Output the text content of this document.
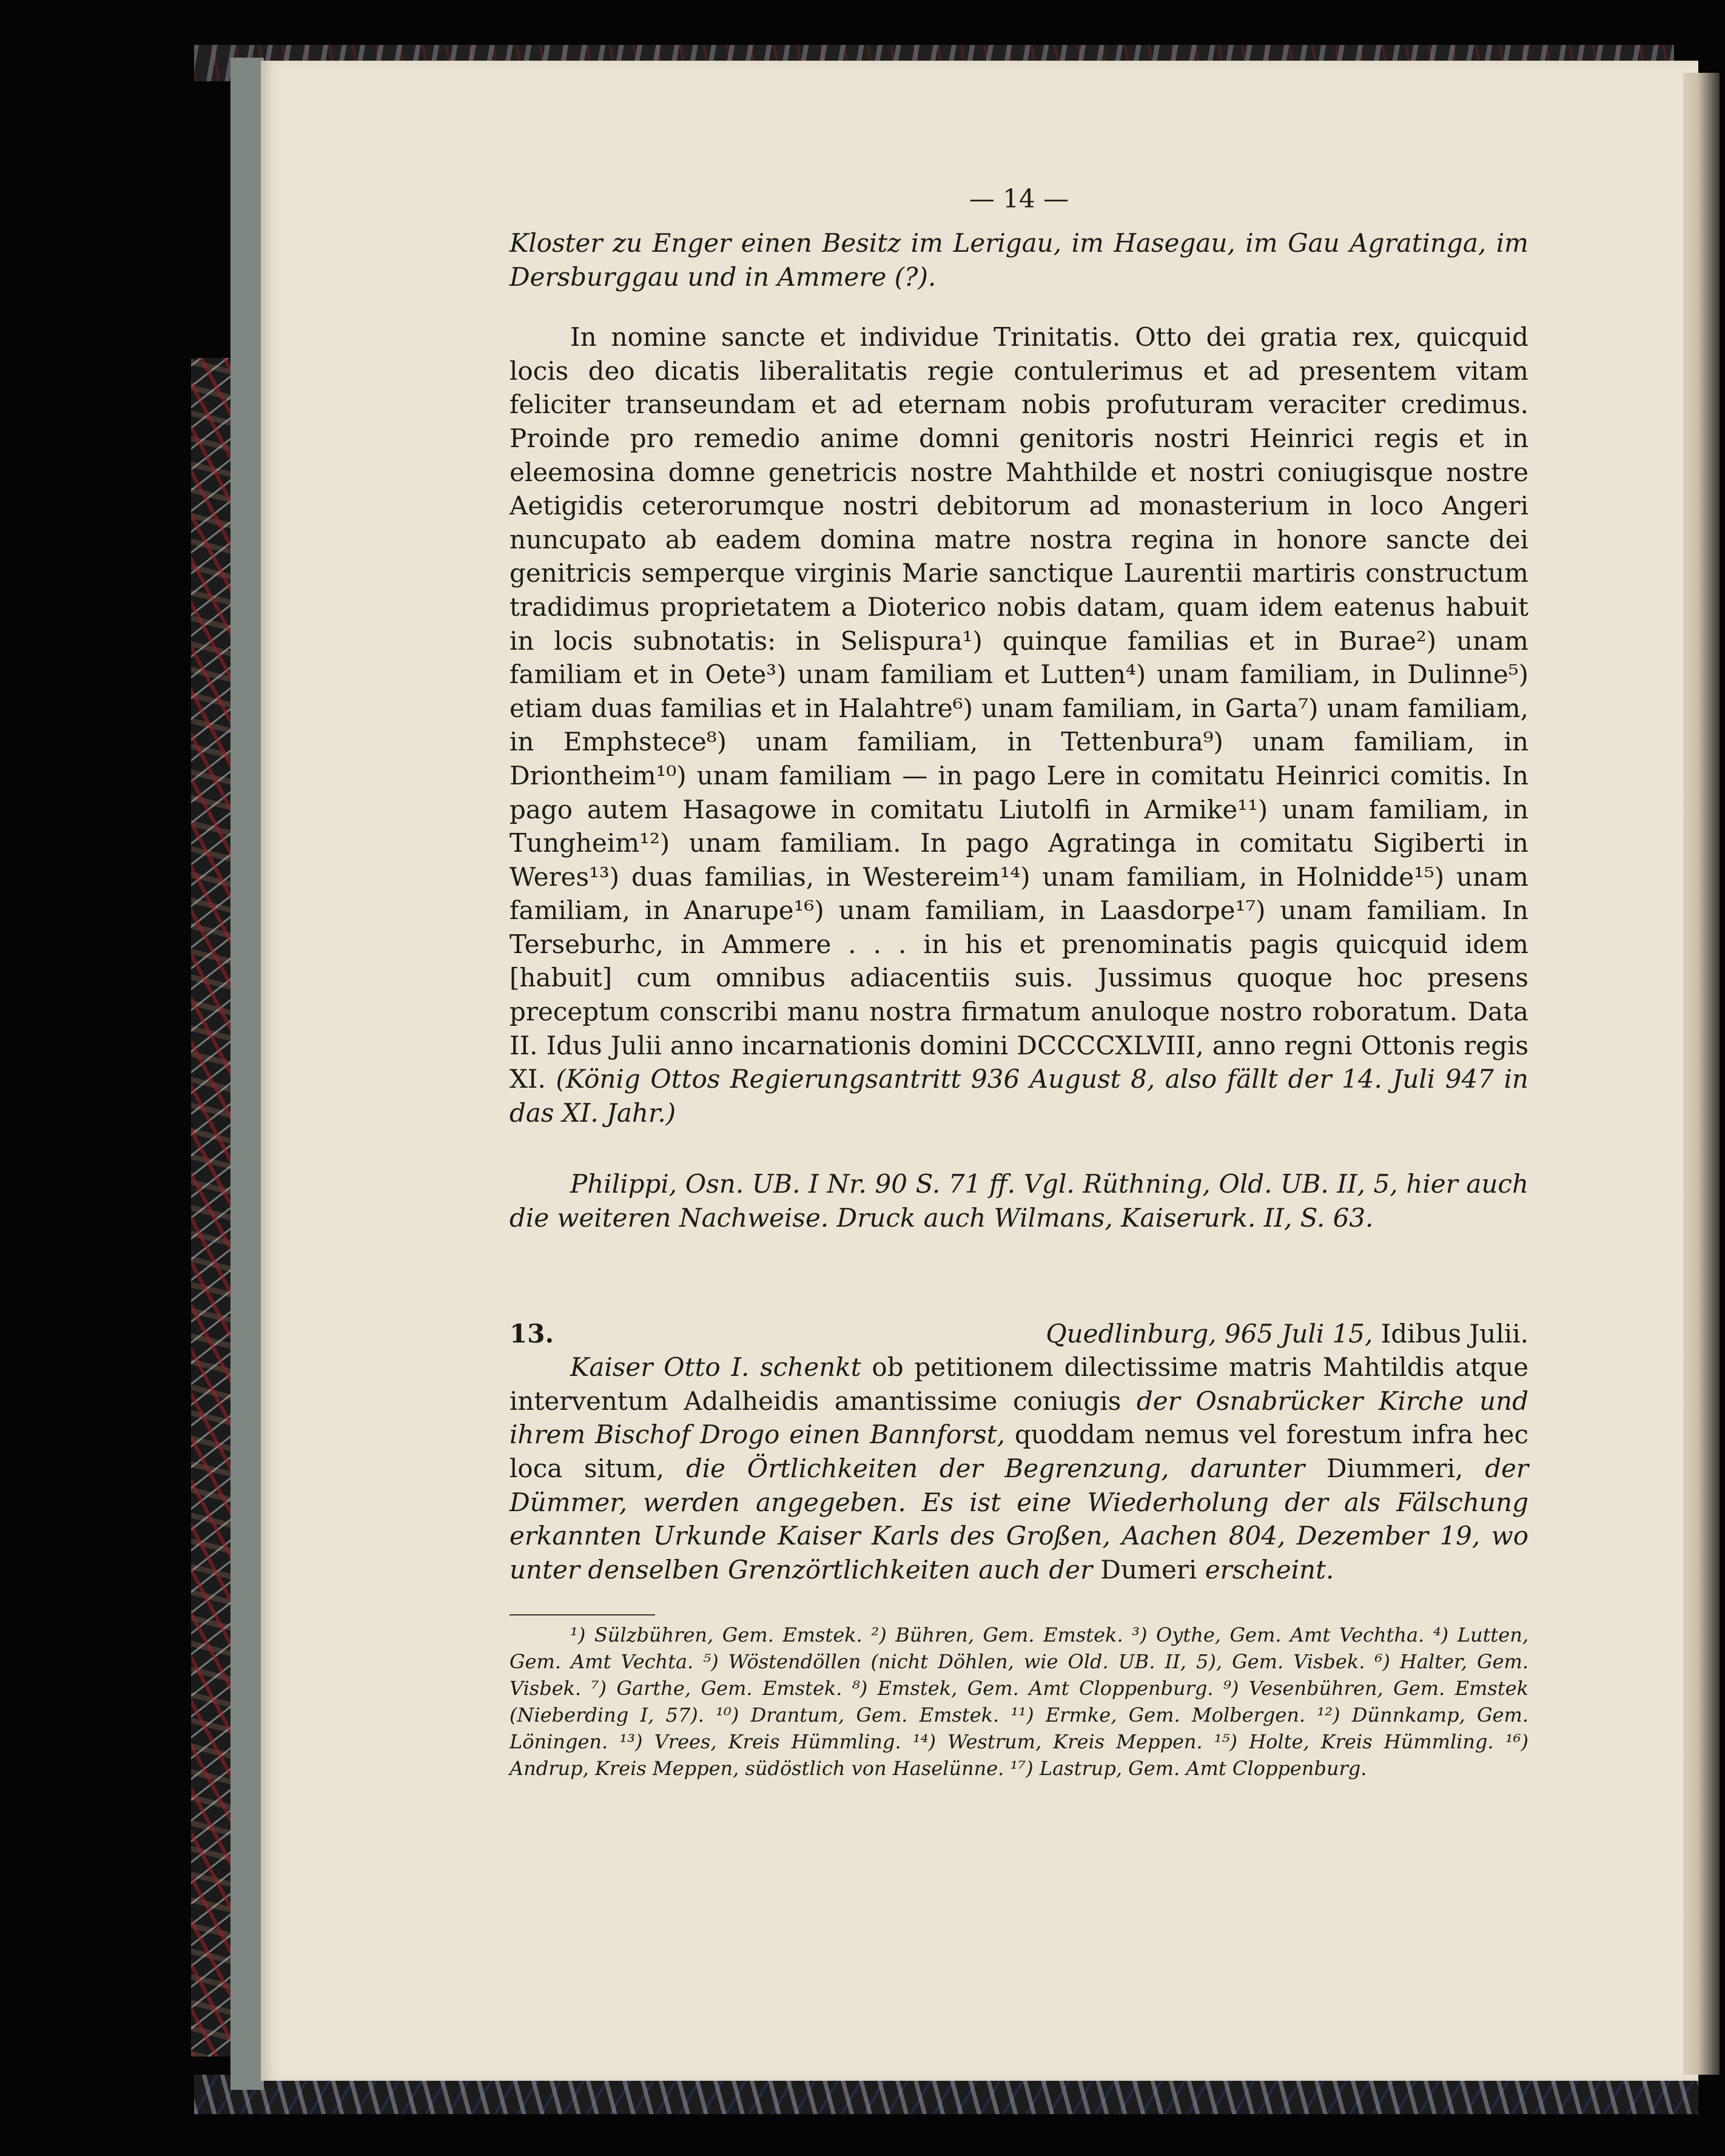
— 14 —

Kloster zu Enger einen Besitz im Lerigau, im Hasegau, im Gau Agratinga, im Dersburggau und in Ammere (?).

In nomine sancte et individue Trinitatis. Otto dei gratia rex, quicquid locis deo dicatis liberalitatis regie contulerimus et ad presentem vitam feliciter transeundam et ad eternam nobis profuturam veraciter credimus. Proinde pro remedio anime domni genitoris nostri Heinrici regis et in eleemosina domne genetricis nostre Mahthilde et nostri coniugisque nostre Aetigidis ceterorumque nostri debitorum ad monasterium in loco Angeri nuncupato ab eadem domina matre nostra regina in honore sancte dei genitricis semperque virginis Marie sanctique Laurentii martiris constructum tradidimus proprietatem a Dioterico nobis datam, quam idem eatenus habuit in locis subnotatis: in Selispura¹) quinque familias et in Burae²) unam familiam et in Oete³) unam familiam et Lutten⁴) unam familiam, in Dulinne⁵) etiam duas familias et in Halahtre⁶) unam familiam, in Garta⁷) unam familiam, in Emphstece⁸) unam familiam, in Tettenbura⁹) unam familiam, in Driontheim¹⁰) unam familiam — in pago Lere in comitatu Heinrici comitis. In pago autem Hasagowe in comitatu Liutolfi in Armike¹¹) unam familiam, in Tungheim¹²) unam familiam. In pago Agratinga in comitatu Sigiberti in Weres¹³) duas familias, in Westereim¹⁴) unam familiam, in Holnidde¹⁵) unam familiam, in Anarupe¹⁶) unam familiam, in Laasdorpe¹⁷) unam familiam. In Terseburhc, in Ammere . . . in his et prenominatis pagis quicquid idem [habuit] cum omnibus adiacentiis suis. Jussimus quoque hoc presens preceptum conscribi manu nostra firmatum anuloque nostro roboratum. Data II. Idus Julii anno incarnationis domini DCCCCXLVIII, anno regni Ottonis regis XI. (König Ottos Regierungsantritt 936 August 8, also fällt der 14. Juli 947 in das XI. Jahr.)

Philippi, Osn. UB. I Nr. 90 S. 71 ff. Vgl. Rüthning, Old. UB. II, 5, hier auch die weiteren Nachweise. Druck auch Wilmans, Kaiserurk. II, S. 63.

13.	Quedlinburg, 965 Juli 15, Idibus Julii.

Kaiser Otto I. schenkt ob petitionem dilectissime matris Mahtildis atque interventum Adalheidis amantissime coniugis der Osnabrücker Kirche und ihrem Bischof Drogo einen Bannforst, quoddam nemus vel forestum infra hec loca situm, die Örtlichkeiten der Begrenzung, darunter Diummeri, der Dümmer, werden angegeben. Es ist eine Wiederholung der als Fälschung erkannten Urkunde Kaiser Karls des Großen, Aachen 804, Dezember 19, wo unter denselben Grenzörtlichkeiten auch der Dumeri erscheint.

¹) Sülzbühren, Gem. Emstek. ²) Bühren, Gem. Emstek. ³) Oythe, Gem. Amt Vechtha. ⁴) Lutten, Gem. Amt Vechta. ⁵) Wöstendöllen (nicht Döhlen, wie Old. UB. II, 5), Gem. Visbek. ⁶) Halter, Gem. Visbek. ⁷) Garthe, Gem. Emstek. ⁸) Emstek, Gem. Amt Cloppenburg. ⁹) Vesenbühren, Gem. Emstek (Nieberding I, 57). ¹⁰) Drantum, Gem. Emstek. ¹¹) Ermke, Gem. Molbergen. ¹²) Dünnkamp, Gem. Löningen. ¹³) Vrees, Kreis Hümmling. ¹⁴) Westrum, Kreis Meppen. ¹⁵) Holte, Kreis Hümmling. ¹⁶) Andrup, Kreis Meppen, südöstlich von Haselünne. ¹⁷) Lastrup, Gem. Amt Cloppenburg.
